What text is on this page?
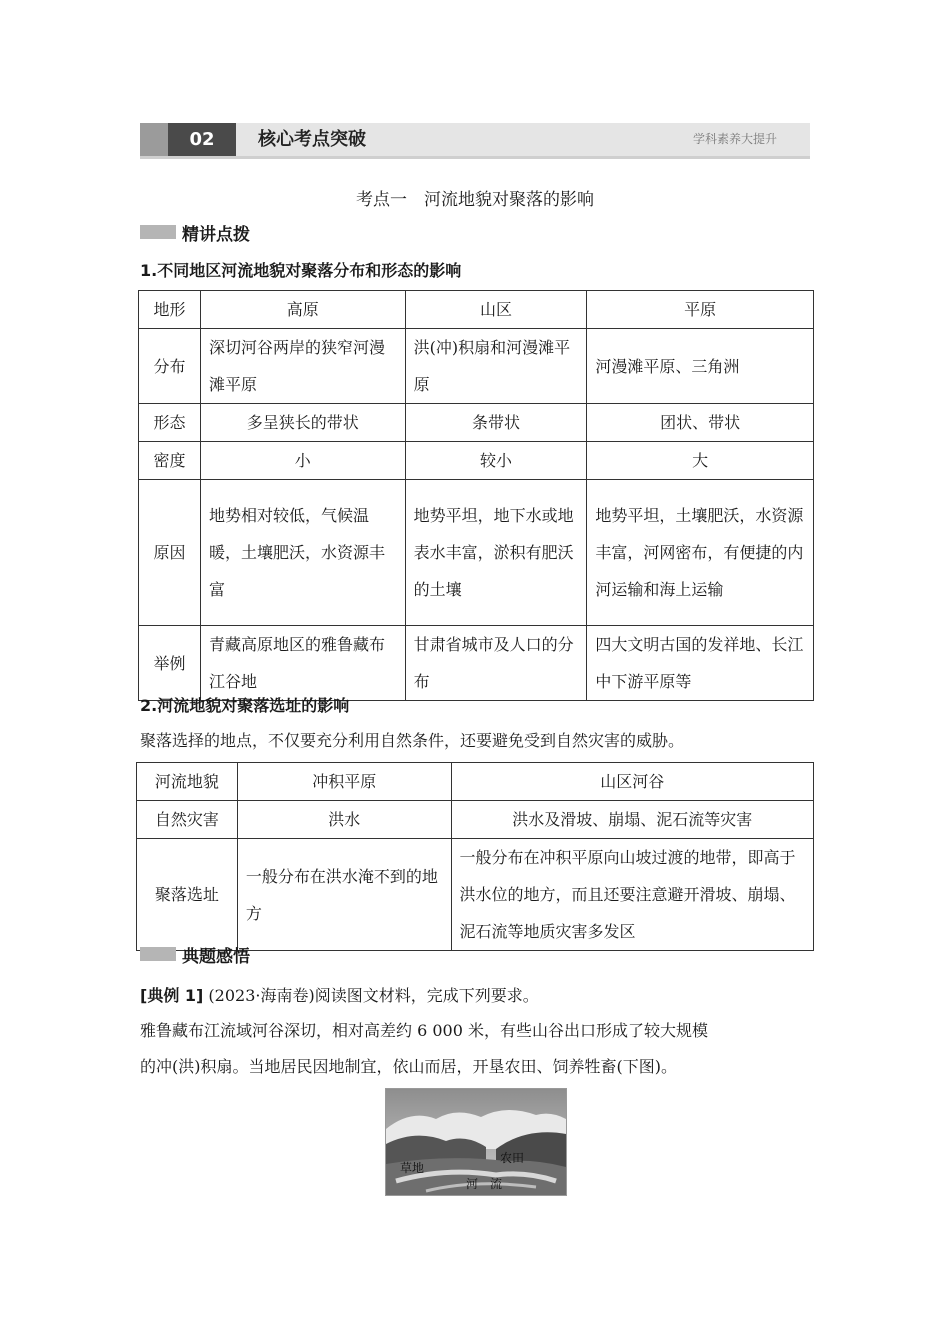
02	核心考点突破	学科素养大提升
考点一　河流地貌对聚落的影响
精讲点拨
1.不同地区河流地貌对聚落分布和形态的影响
地形	高原	山区	平原
分布	深切河谷两岸的狭窄河漫滩平原	洪(冲)积扇和河漫滩平原	河漫滩平原、三角洲
形态	多呈狭长的带状	条带状	团状、带状
密度	小	较小	大
原因	地势相对较低，气候温暖，土壤肥沃，水资源丰富	地势平坦，地下水或地表水丰富，淤积有肥沃的土壤	地势平坦，土壤肥沃，水资源丰富，河网密布，有便捷的内河运输和海上运输
举例	青藏高原地区的雅鲁藏布江谷地	甘肃省城市及人口的分布	四大文明古国的发祥地、长江中下游平原等
2.河流地貌对聚落选址的影响
聚落选择的地点，不仅要充分利用自然条件，还要避免受到自然灾害的威胁。
河流地貌	冲积平原	山区河谷
自然灾害	洪水	洪水及滑坡、崩塌、泥石流等灾害
聚落选址	一般分布在洪水淹不到的地方	一般分布在冲积平原向山坡过渡的地带，即高于洪水位的地方，而且还要注意避开滑坡、崩塌、泥石流等地质灾害多发区
典题感悟
[典例 1] (2023·海南卷)阅读图文材料，完成下列要求。
雅鲁藏布江流域河谷深切，相对高差约 6 000 米，有些山谷出口形成了较大规模
的冲(洪)积扇。当地居民因地制宜，依山而居，开垦农田、饲养牲畜(下图)。
草地
农田
河　流
